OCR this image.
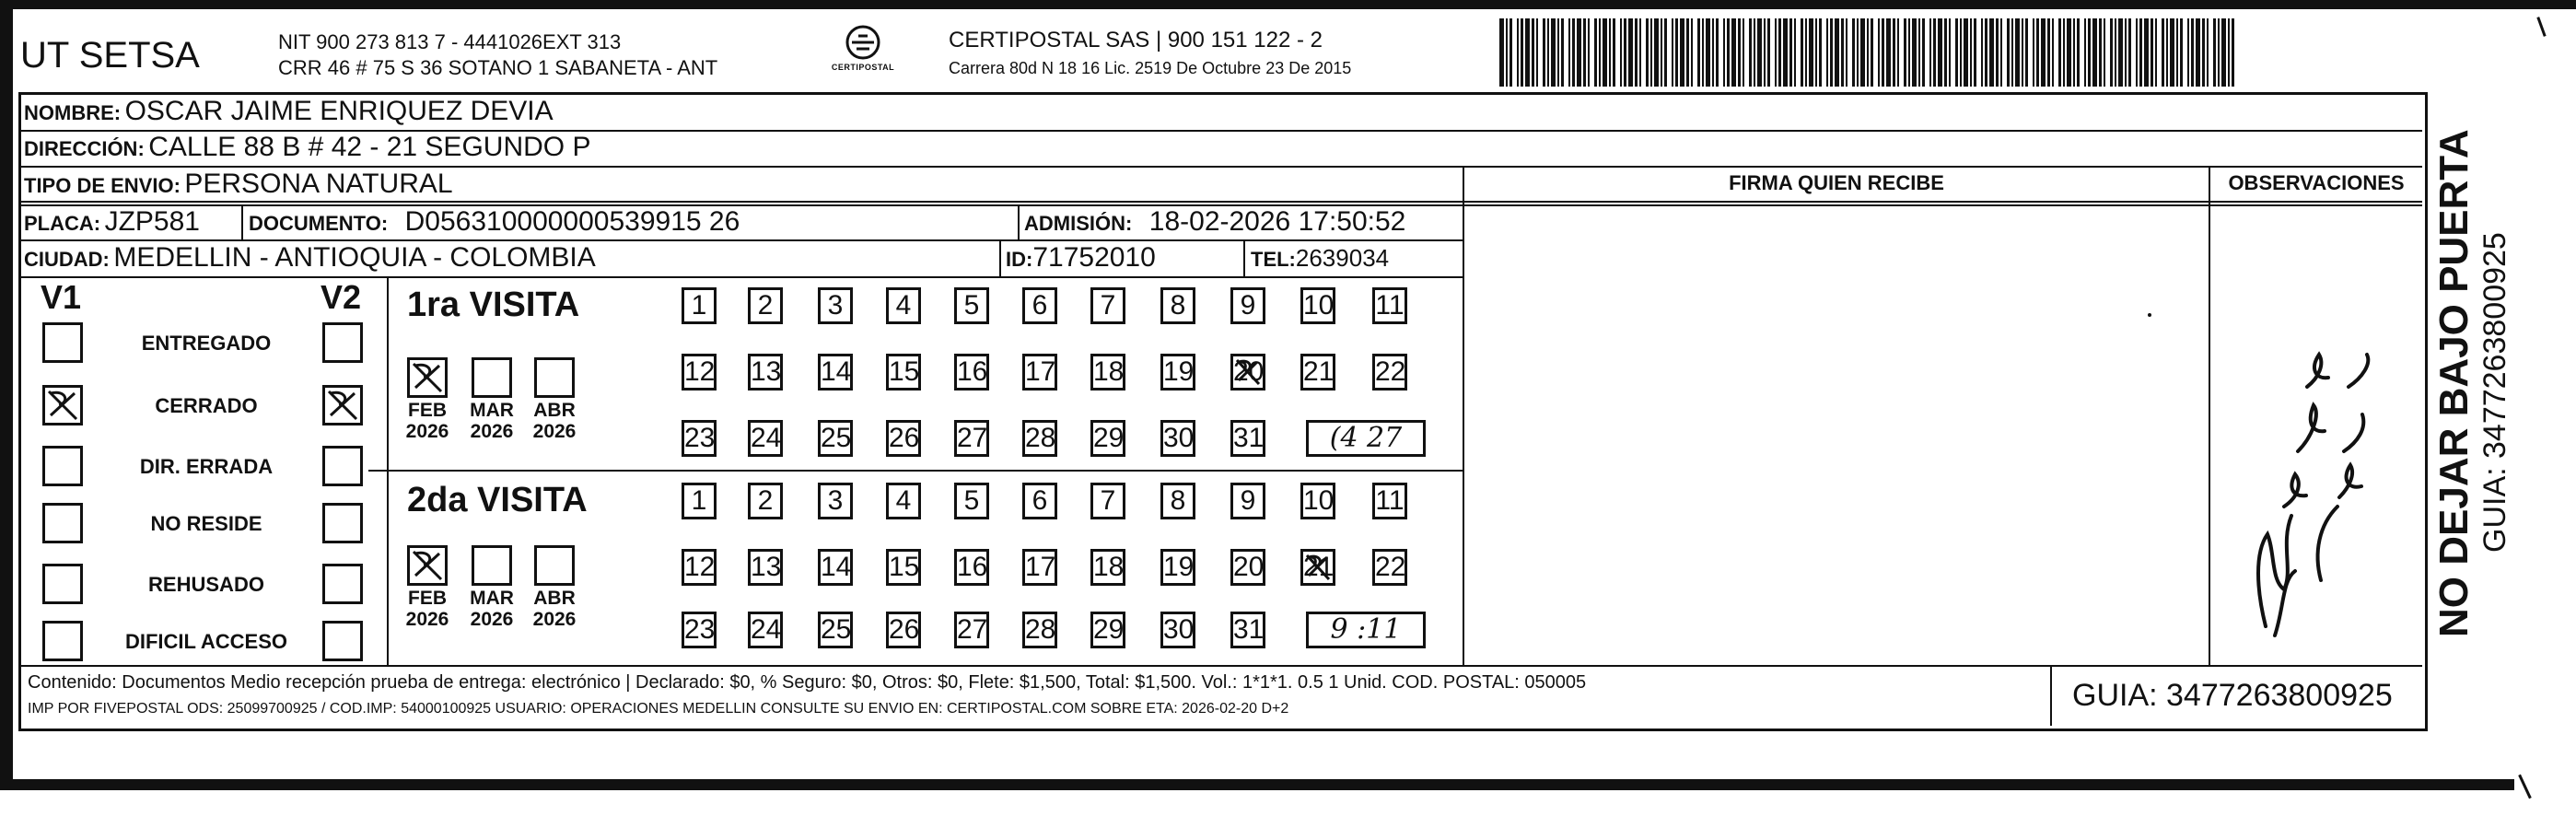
UT SETSA	NIT 900 273 813 7 - 4441026EXT 313
CRR 46 # 75 S 36 SOTANO 1 SABANETA - ANT	CERTIPOSTAL
CERTIPOSTAL SAS | 900 151 122 - 2
Carrera 80d N 18 16 Lic. 2519 De Octubre 23 De 2015
NOMBRE: OSCAR JAIME ENRIQUEZ DEVIA
DIRECCIÓN: CALLE 88 B # 42 - 21 SEGUNDO P
TIPO DE ENVIO: PERSONA NATURAL
PLACA: JZP581 DOCUMENTO: D056310000000539915 26	ADMISIÓN: 18-02-2026 17:50:52
CIUDAD: MEDELLIN - ANTIOQUIA - COLOMBIA	ID:71752010	TEL:2639034
FIRMA QUIEN RECIBE	OBSERVACIONES
V1	V2
ENTREGADO
CERRADO
DIR. ERRADA
NO RESIDE
REHUSADO
DIFICIL ACCESO
1ra VISITA
FEB
2026
MAR
2026
ABR
2026
1	2	3	4	5	6	7	8	9	10 11
12 13 14 15 16 17 18 19 20 21 22
23 24 25 26 27 28 29 30 31	(4 27
2da VISITA
FEB
2026
MAR
2026
ABR
2026
1	2	3	4	5	6	7	8	9	10 11
12 13 14 15 16 17 18 19 20 21 22
23 24 25 26 27 28 29 30 31	9 :11
Contenido: Documentos Medio recepción prueba de entrega: electrónico | Declarado: $0, % Seguro: $0, Otros: $0, Flete: $1,500, Total: $1,500. Vol.: 1*1*1. 0.5 1 Unid. COD. POSTAL: 050005
IMP POR FIVEPOSTAL ODS: 25099700925 / COD.IMP: 54000100925 USUARIO: OPERACIONES MEDELLIN CONSULTE SU ENVIO EN: CERTIPOSTAL.COM SOBRE ETA: 2026-02-20 D+2	GUIA: 3477263800925
NO DEJAR BAJO PUERTA GUIA: 3477263800925
